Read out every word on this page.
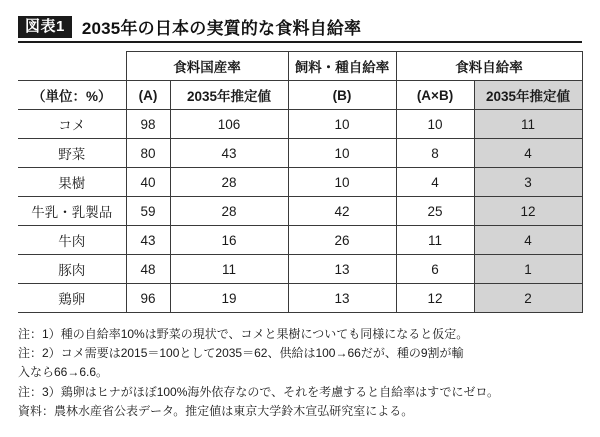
図表1	2035年の日本の実質的な食料自給率
	食料国産率		飼料・種自給率	食料自給率	
（単位：%）	(A)	2035年推定値	(B)	(A×B)	2035年推定値
コメ	98	106	10	10	11
野菜	80	43	10	8	4
果樹	40	28	10	4	3
牛乳・乳製品	59	28	42	25	12
牛肉	43	16	26	11	4
豚肉	48	11	13	6	1
鶏卵	96	19	13	12	2
注：1） 種の自給率10%は野菜の現状で、コメと果樹についても同様になると仮定。
注：2） コメ需要は2015＝100として2035＝62、供給は100→66だが、種の9割が輸
入なら66→6.6。
注：3） 鶏卵はヒナがほぼ100%海外依存なので、それを考慮すると自給率はすでにゼロ。
資料： 農林水産省公表データ。推定値は東京大学鈴木宣弘研究室による。
